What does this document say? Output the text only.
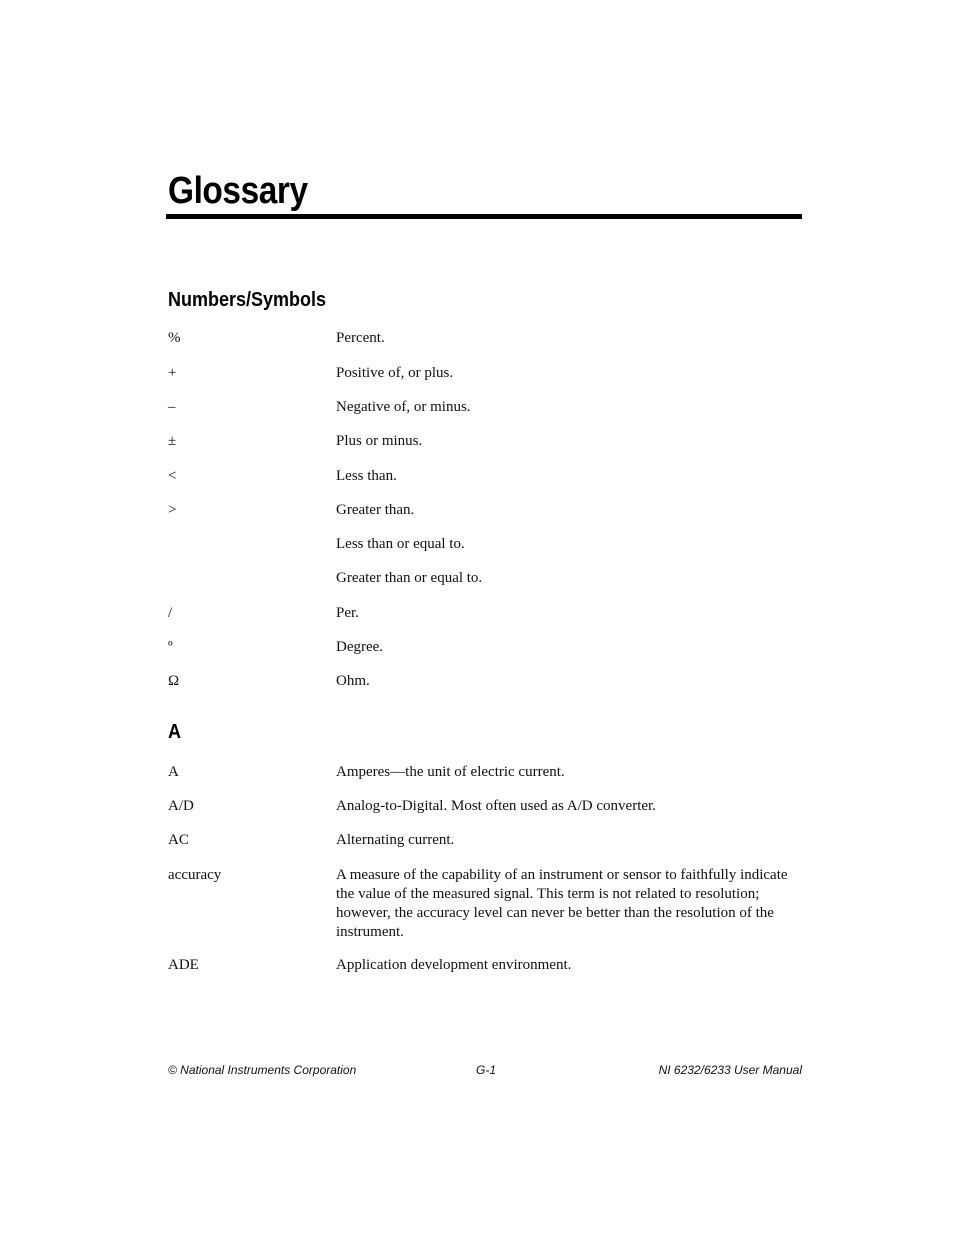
Glossary
Numbers/Symbols
%	Percent.
+	Positive of, or plus.
–	Negative of, or minus.
±	Plus or minus.
<	Less than.
>	Greater than.
Less than or equal to.
Greater than or equal to.
/	Per.
º	Degree.
Ω	Ohm.
A
A	Amperes—the unit of electric current.
A/D	Analog-to-Digital. Most often used as A/D converter.
AC	Alternating current.
accuracy	A measure of the capability of an instrument or sensor to faithfully indicate the value of the measured signal. This term is not related to resolution; however, the accuracy level can never be better than the resolution of the instrument.
ADE	Application development environment.
© National Instruments Corporation	G-1	NI 6232/6233 User Manual
